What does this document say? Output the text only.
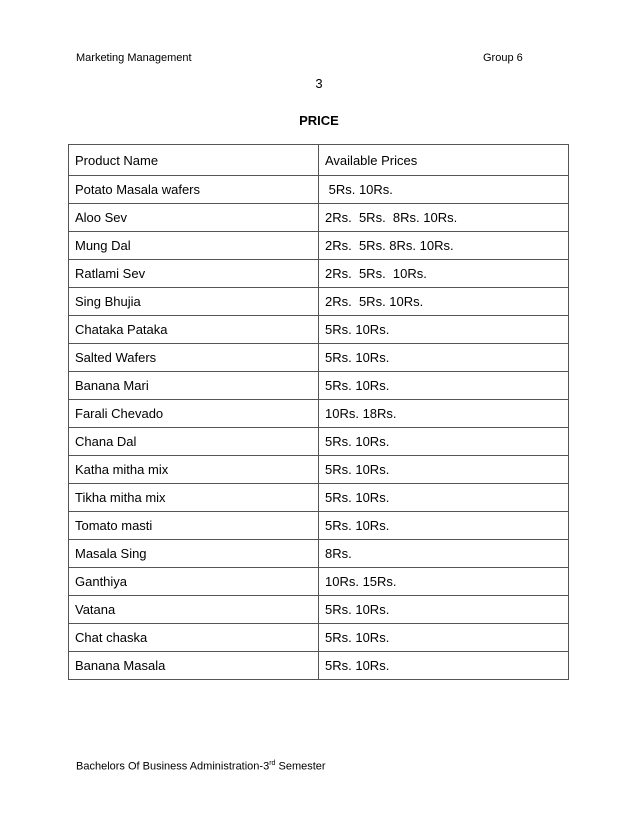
Marketing Management	Group 6
3
PRICE
Product Name	Available Prices
Potato Masala wafers	5Rs. 10Rs.
Aloo Sev	2Rs.  5Rs.  8Rs. 10Rs.
Mung Dal	2Rs.  5Rs. 8Rs. 10Rs.
Ratlami Sev	2Rs.  5Rs.  10Rs.
Sing Bhujia	2Rs.  5Rs. 10Rs.
Chataka Pataka	5Rs. 10Rs.
Salted Wafers	5Rs. 10Rs.
Banana Mari	5Rs. 10Rs.
Farali Chevado	10Rs. 18Rs.
Chana Dal	5Rs. 10Rs.
Katha mitha mix	5Rs. 10Rs.
Tikha mitha mix	5Rs. 10Rs.
Tomato masti	5Rs. 10Rs.
Masala Sing	8Rs.
Ganthiya	10Rs. 15Rs.
Vatana	5Rs. 10Rs.
Chat chaska	5Rs. 10Rs.
Banana Masala	5Rs. 10Rs.
Bachelors Of Business Administration-3rd Semester
